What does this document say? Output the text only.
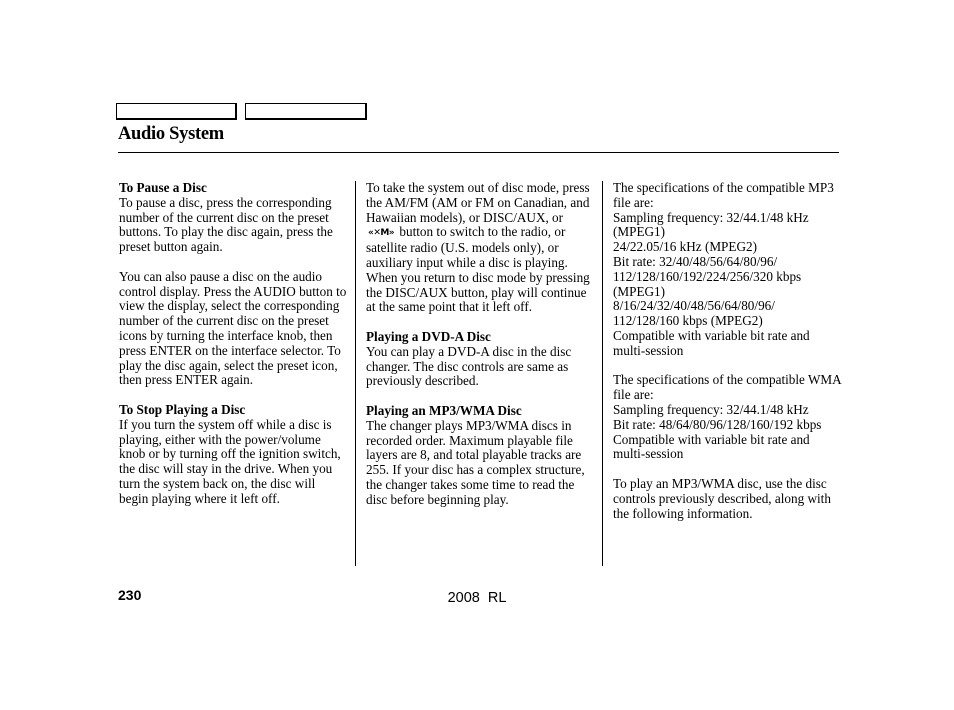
Audio System
To Pause a Disc

To pause a disc, press the corresponding number of the current disc on the preset buttons. To play the disc again, press the preset button again.

You can also pause a disc on the audio control display. Press the AUDIO button to view the display, select the corresponding number of the current disc on the preset icons by turning the interface knob, then press ENTER on the interface selector. To play the disc again, select the preset icon, then press ENTER again.

To Stop Playing a Disc

If you turn the system off while a disc is playing, either with the power/volume knob or by turning off the ignition switch, the disc will stay in the drive. When you turn the system back on, the disc will begin playing where it left off.

To take the system out of disc mode, press the AM/FM (AM or FM on Canadian, and Hawaiian models), or DISC/AUX, or «✕M» button to switch to the radio, or satellite radio (U.S. models only), or auxiliary input while a disc is playing. When you return to disc mode by pressing the DISC/AUX button, play will continue at the same point that it left off.

Playing a DVD-A Disc

You can play a DVD-A disc in the disc changer. The disc controls are same as previously described.

Playing an MP3/WMA Disc

The changer plays MP3/WMA discs in recorded order. Maximum playable file layers are 8, and total playable tracks are 255. If your disc has a complex structure, the changer takes some time to read the disc before beginning play.

The specifications of the compatible MP3 file are:

Sampling frequency: 32/44.1/48 kHz (MPEG1)

24/22.05/16 kHz (MPEG2)

Bit rate: 32/40/48/56/64/80/96/ 112/128/160/192/224/256/320 kbps (MPEG1)

8/16/24/32/40/48/56/64/80/96/ 112/128/160 kbps (MPEG2)

Compatible with variable bit rate and multi-session

The specifications of the compatible WMA file are:

Sampling frequency: 32/44.1/48 kHz

Bit rate: 48/64/80/96/128/160/192 kbps

Compatible with variable bit rate and multi-session

To play an MP3/WMA disc, use the disc controls previously described, along with the following information.

230	2008  RL
